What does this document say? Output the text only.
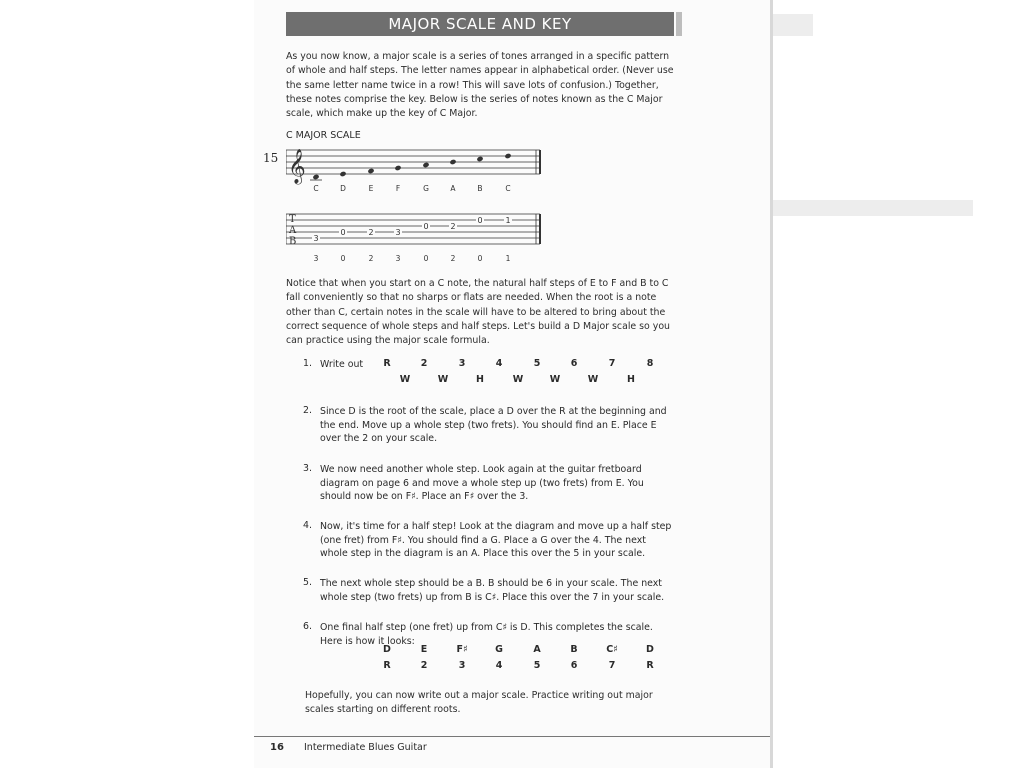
MAJOR SCALE AND KEY

As you now know, a major scale is a series of tones arranged in a specific pattern of whole and half steps. The letter names appear in alphabetical order. (Never use the same letter name twice in a row! This will save lots of confusion.) Together, these notes comprise the key. Below is the series of notes known as the C Major scale, which make up the key of C Major.

C MAJOR SCALE
15 𝄞
C	D	E	F	G	A	B	C
T
A
B 3
0	2	3
0	2
0	1
3	0	2	3	0	2	0	1

Notice that when you start on a C note, the natural half steps of E to F and B to C fall conveniently so that no sharps or flats are needed. When the root is a note other than C, certain notes in the scale will have to be altered to bring about the correct sequence of whole steps and half steps. Let's build a D Major scale so you can practice using the major scale formula.

1. Write out	R	2	3	4	5	6	7	8
W	W	H	W	W	W	H
2. Since D is the root of the scale, place a D over the R at the beginning and the end. Move up a whole step (two frets). You should find an E. Place E over the 2 on your scale.

3. We now need another whole step. Look again at the guitar fretboard diagram on page 6 and move a whole step up (two frets) from E. You should now be on F♯. Place an F♯ over the 3.

4. Now, it's time for a half step! Look at the diagram and move up a half step (one fret) from F♯. You should find a G. Place a G over the 4. The next whole step in the diagram is an A. Place this over the 5 in your scale.

5. The next whole step should be a B. B should be 6 in your scale. The next whole step (two frets) up from B is C♯. Place this over the 7 in your scale.

6. One final half step (one fret) up from C♯ is D. This completes the scale. Here is how it looks:

D	E	F♯	G	A	B	C♯	D
R	2	3	4	5	6	7	R

Hopefully, you can now write out a major scale. Practice writing out major scales starting on different roots.

16 Intermediate Blues Guitar
